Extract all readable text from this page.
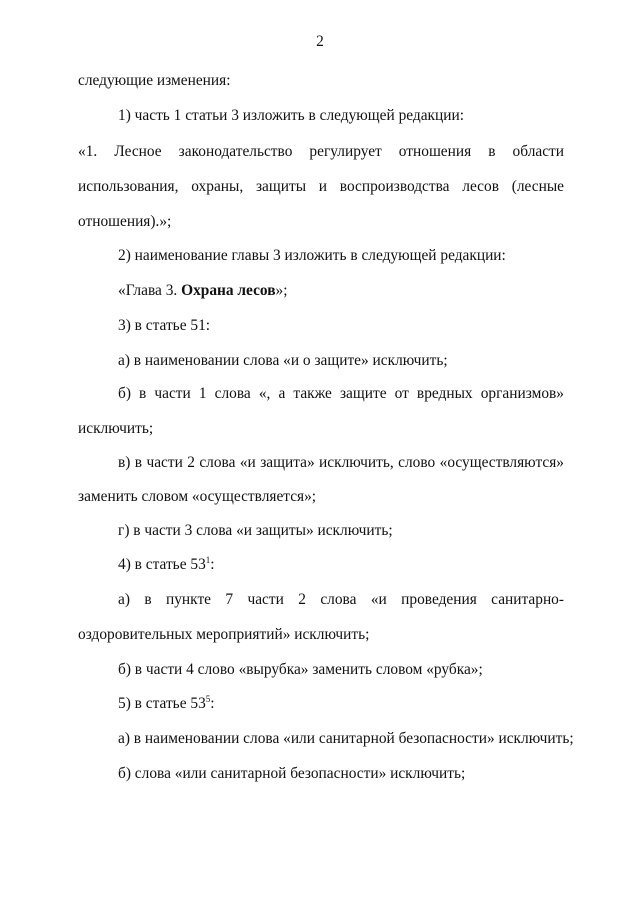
2
следующие изменения:
1) часть 1 статьи 3 изложить в следующей редакции:
«1. Лесное законодательство регулирует отношения в области
использования, охраны, защиты и воспроизводства лесов (лесные
отношения).»;
2) наименование главы 3 изложить в следующей редакции:
«Глава 3. Охрана лесов»;
3) в статье 51:
а) в наименовании слова «и о защите» исключить;
б) в части 1 слова «, а также защите от вредных организмов»
исключить;
в) в части 2 слова «и защита» исключить, слово «осуществляются»
заменить словом «осуществляется»;
г) в части 3 слова «и защиты» исключить;
4) в статье $53^1$:
а) в пункте 7 части 2 слова «и проведения санитарно-
оздоровительных мероприятий» исключить;
б) в части 4 слово «вырубка» заменить словом «рубка»;
5) в статье $53^5$:
а) в наименовании слова «или санитарной безопасности» исключить;
б) слова «или санитарной безопасности» исключить;
